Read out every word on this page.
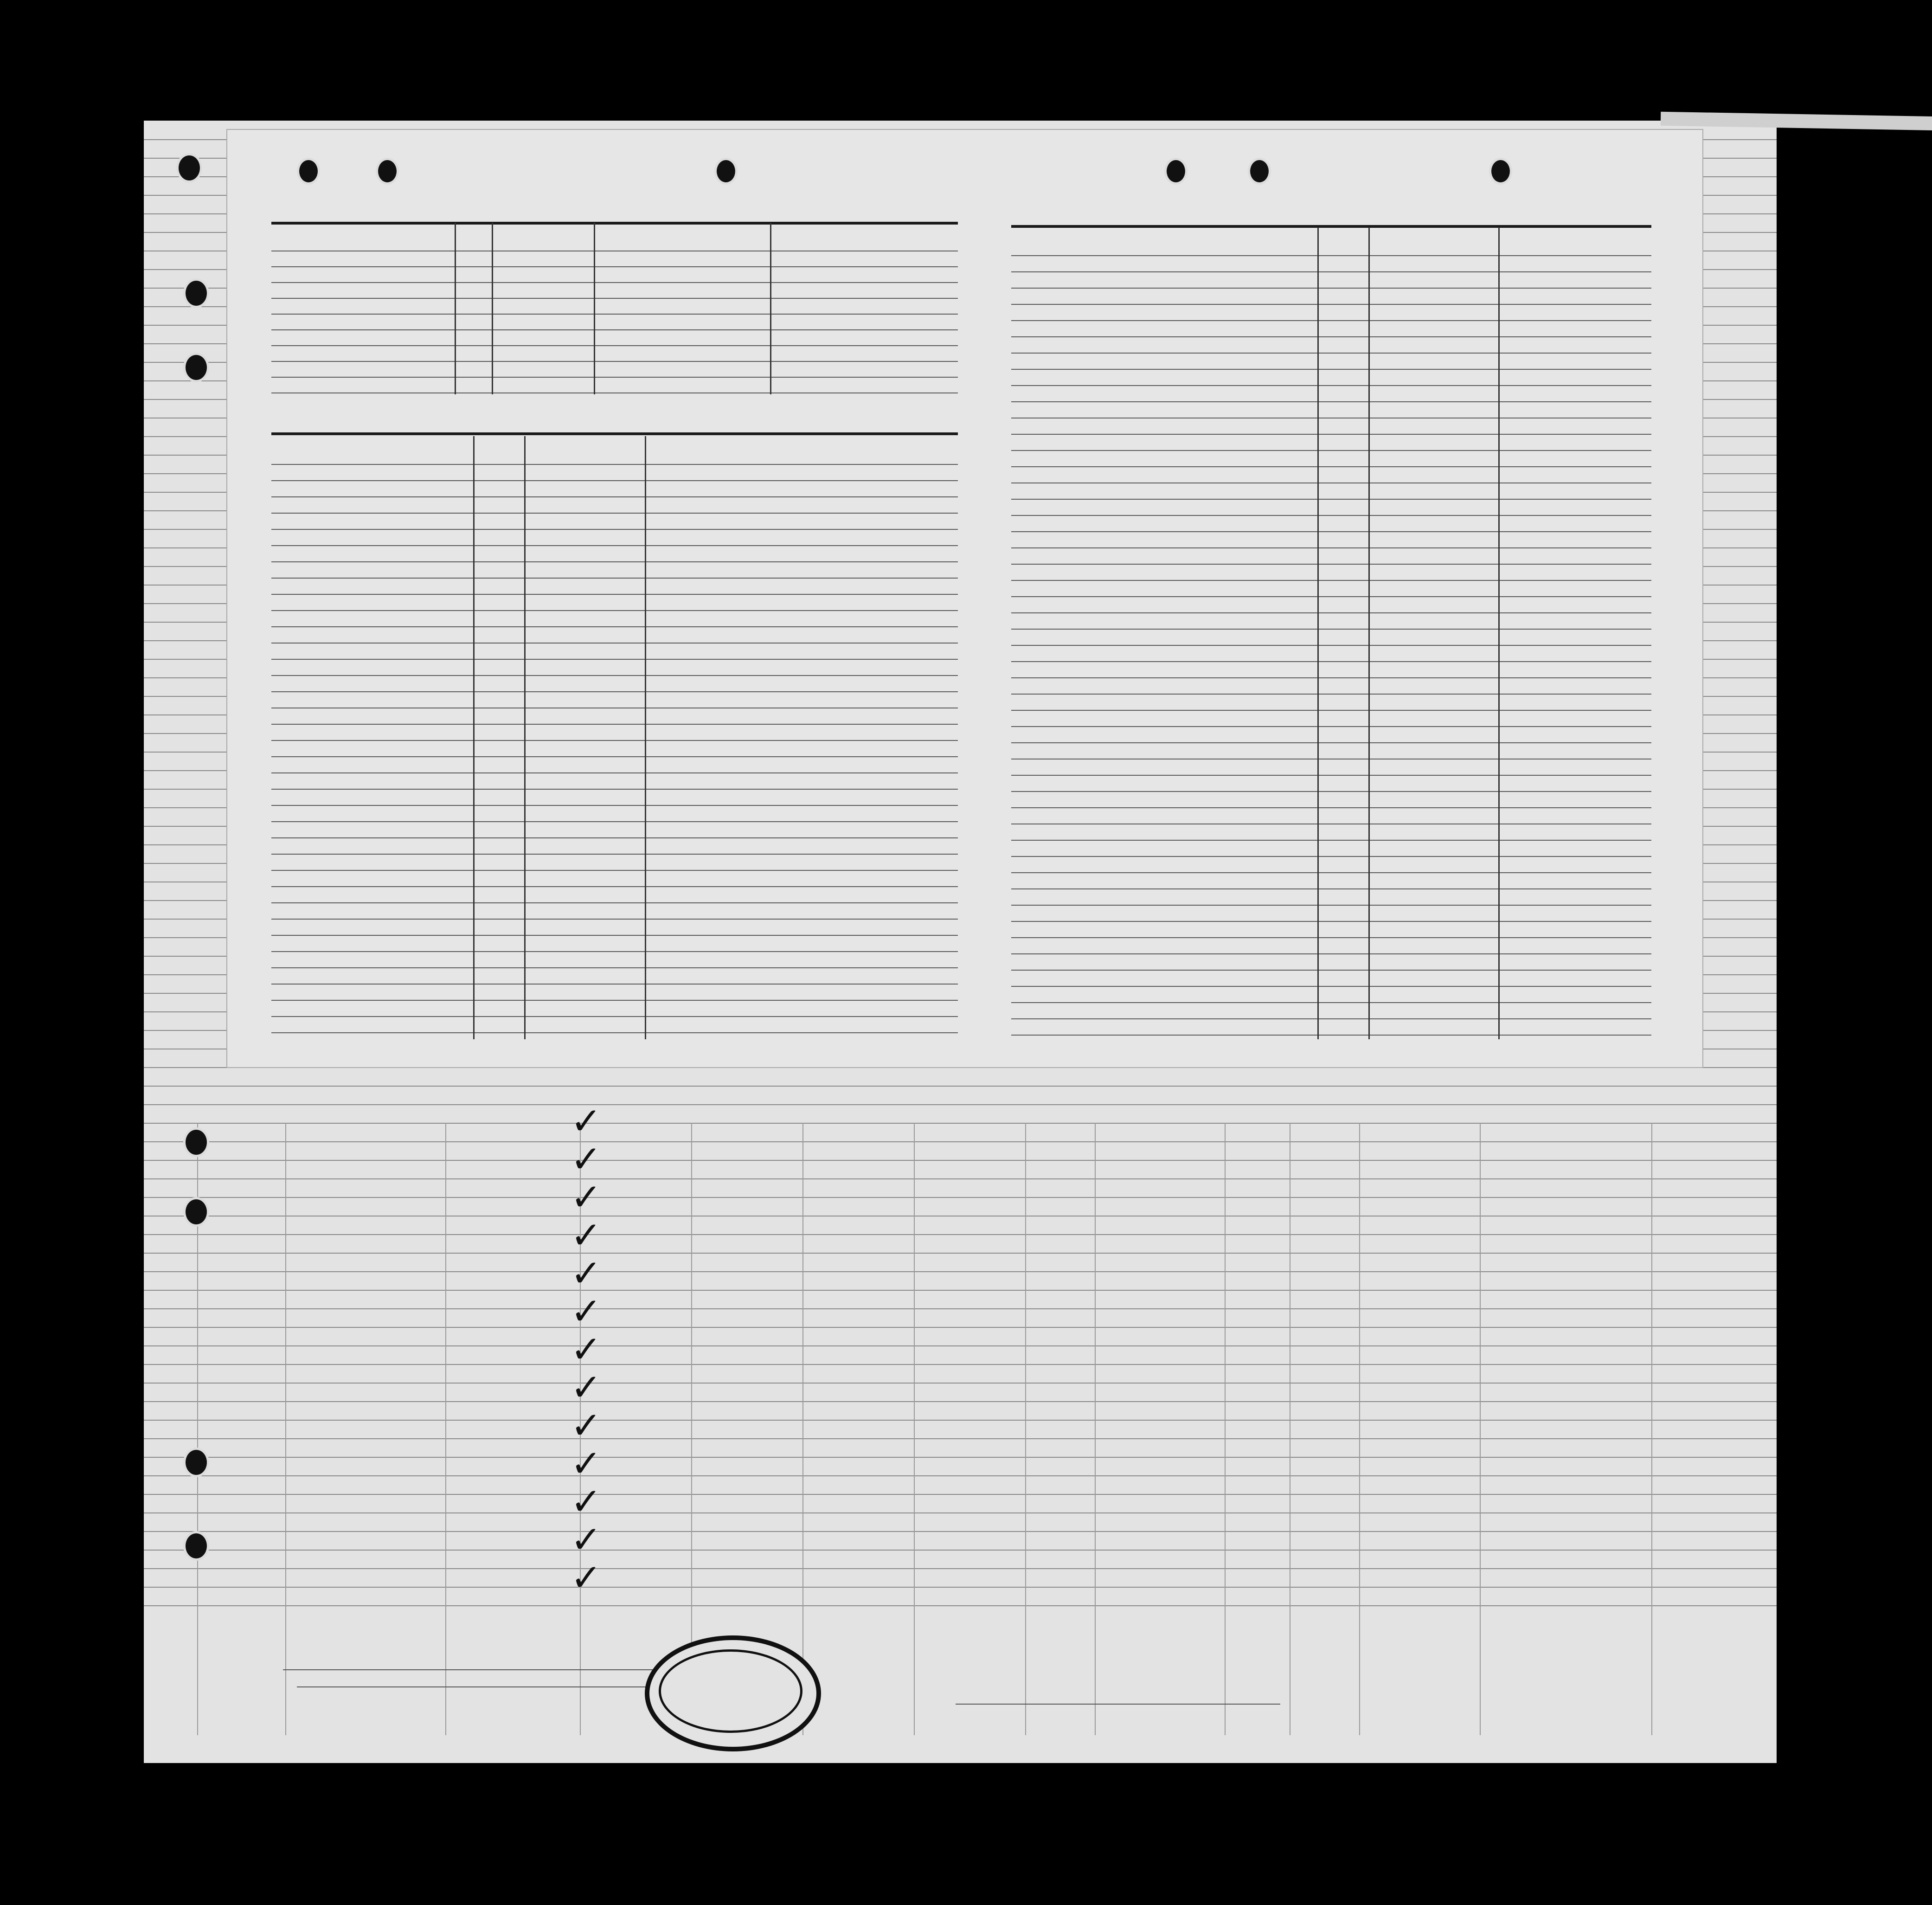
✓
✓
✓
✓
✓
✓
✓
✓
✓
✓
✓
✓
✓
